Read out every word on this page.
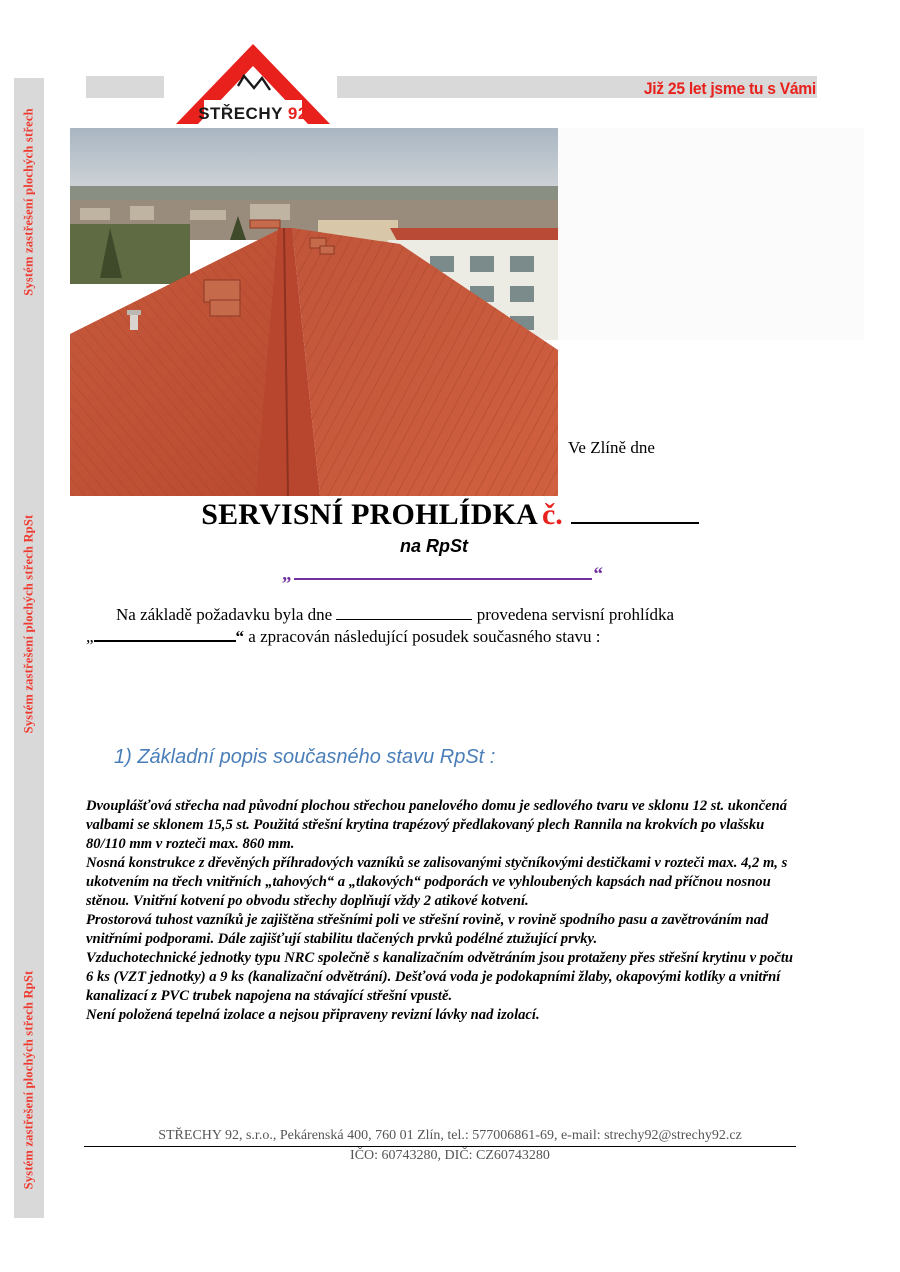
Systém zastřešení plochých střech
Systém zastřešení plochých střech RpSt
Systém zastřešení plochých střech RpSt
Již 25 let jsme tu s Vámi
STŘECHY 92
Ve Zlíně dne
SERVISNÍ PROHLÍDKA č.
na RpSt
„	“
Na základě požadavku byla dne	provedena servisní prohlídka
„	“ a zpracován následující posudek současného stavu :
1) Základní popis současného stavu RpSt :

Dvouplášťová střecha nad původní plochou střechou panelového domu je sedlového tvaru ve sklonu 12 st. ukončená valbami se sklonem 15,5 st. Použitá střešní krytina trapézový předlakovaný plech Rannila na krokvích po vlašsku 80/110 mm v rozteči max. 860 mm.

Nosná konstrukce z dřevěných příhradových vazníků se zalisovanými styčníkovými destičkami v rozteči max. 4,2 m, s ukotvením na třech vnitřních „tahových“ a „tlakových“ podporách ve vyhloubených kapsách nad příčnou nosnou stěnou. Vnitřní kotvení po obvodu střechy doplňují vždy 2 atikové kotvení.

Prostorová tuhost vazníků je zajištěna střešními poli ve střešní rovině, v rovině spodního pasu a zavětrováním nad vnitřními podporami. Dále zajišťují stabilitu tlačených prvků podélné ztužující prvky.

Vzduchotechnické jednotky typu NRC společně s kanalizačním odvětráním jsou protaženy přes střešní krytinu v počtu 6 ks (VZT jednotky) a 9 ks (kanalizační odvětrání). Dešťová voda je podokapními žlaby, okapovými kotlíky a vnitřní kanalizací z PVC trubek napojena na stávající střešní vpustě.

Není položená tepelná izolace a nejsou připraveny revizní lávky nad izolací.

STŘECHY 92, s.r.o., Pekárenská 400, 760 01 Zlín, tel.: 577006861-69, e-mail: strechy92@strechy92.cz
IČO: 60743280, DIČ: CZ60743280
